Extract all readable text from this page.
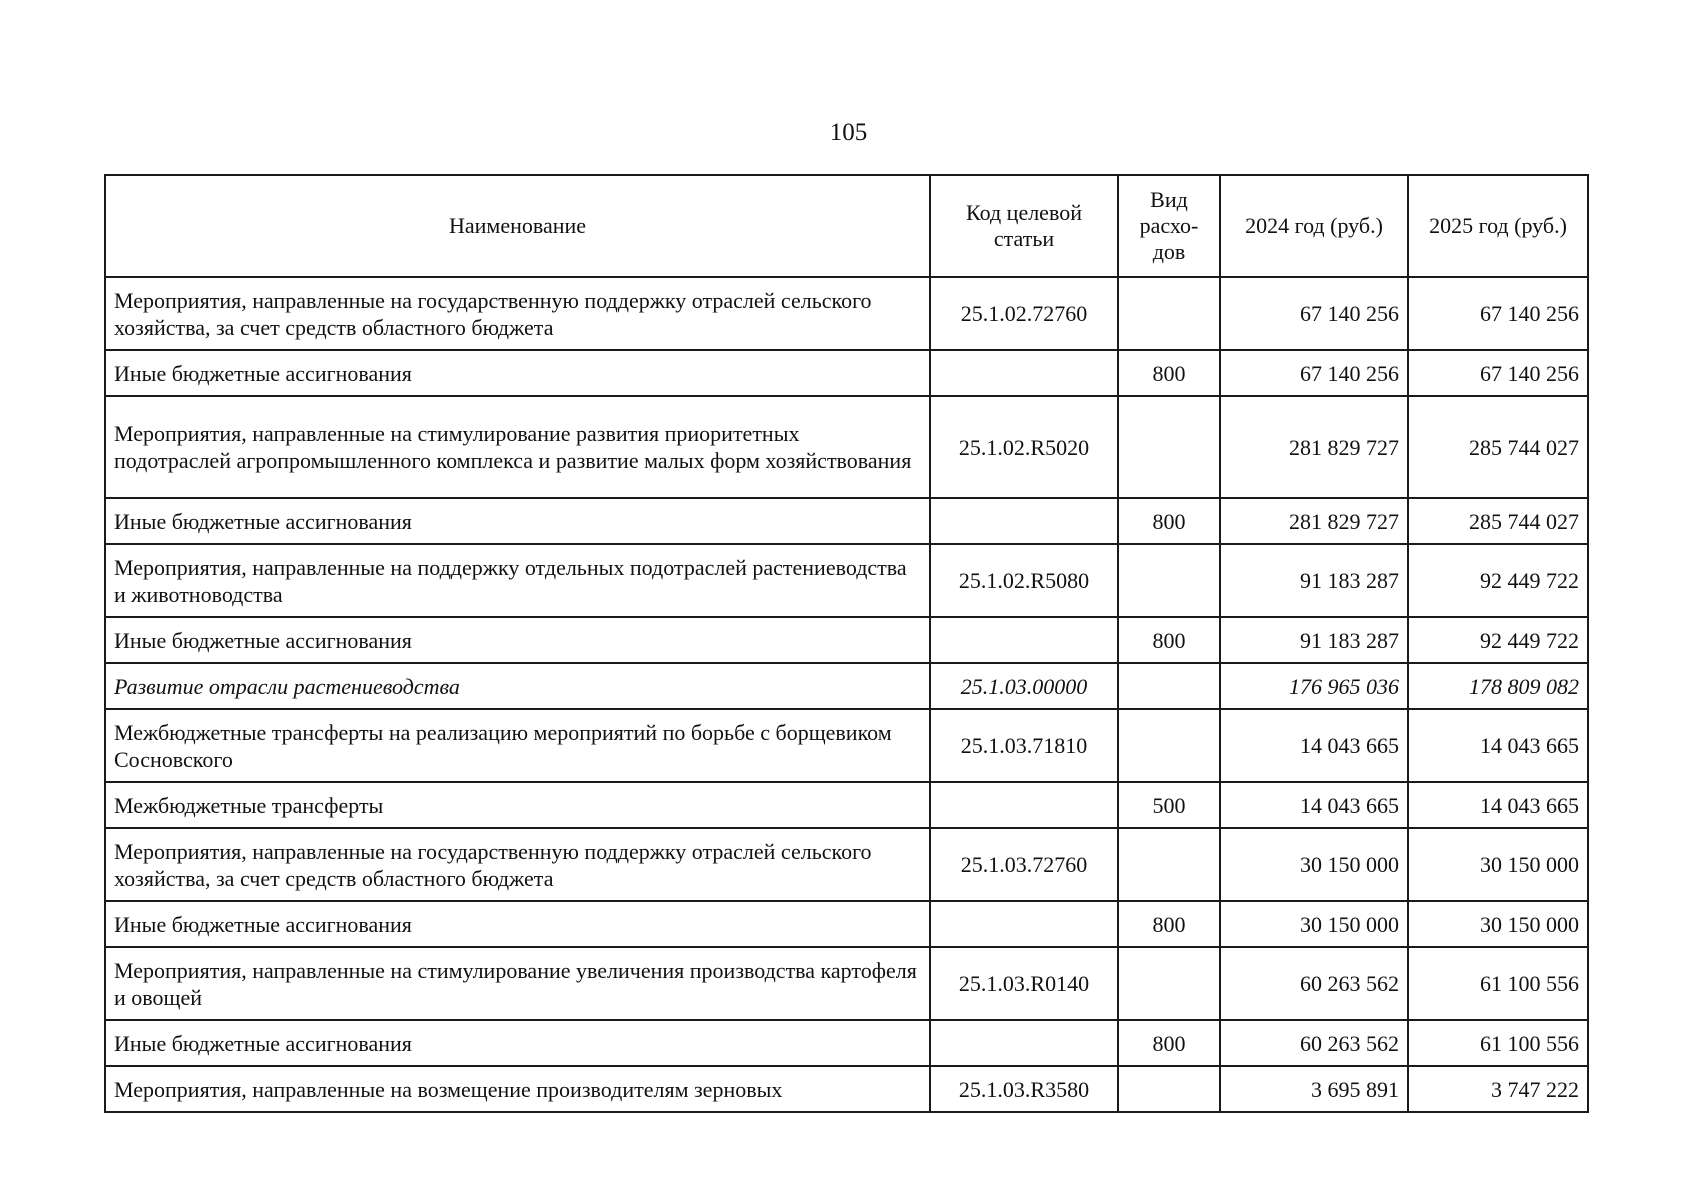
105
Наименование	Код целевой статьи	Вид расхо-дов	2024 год (руб.)	2025 год (руб.)
Мероприятия, направленные на государственную поддержку отраслей сельского хозяйства, за счет средств областного бюджета	25.1.02.72760		67 140 256	67 140 256
Иные бюджетные ассигнования		800	67 140 256	67 140 256
Мероприятия, направленные на стимулирование развития приоритетных подотраслей агропромышленного комплекса и развитие малых форм хозяйствования	25.1.02.R5020		281 829 727	285 744 027
Иные бюджетные ассигнования		800	281 829 727	285 744 027
Мероприятия, направленные на поддержку отдельных подотраслей растениеводства и животноводства	25.1.02.R5080		91 183 287	92 449 722
Иные бюджетные ассигнования		800	91 183 287	92 449 722
Развитие отрасли растениеводства	25.1.03.00000		176 965 036	178 809 082
Межбюджетные трансферты на реализацию мероприятий по борьбе с борщевиком Сосновского	25.1.03.71810		14 043 665	14 043 665
Межбюджетные трансферты		500	14 043 665	14 043 665
Мероприятия, направленные на государственную поддержку отраслей сельского хозяйства, за счет средств областного бюджета	25.1.03.72760		30 150 000	30 150 000
Иные бюджетные ассигнования		800	30 150 000	30 150 000
Мероприятия, направленные на стимулирование увеличения производства картофеля и овощей	25.1.03.R0140		60 263 562	61 100 556
Иные бюджетные ассигнования		800	60 263 562	61 100 556
Мероприятия, направленные на возмещение производителям зерновых	25.1.03.R3580		3 695 891	3 747 222
